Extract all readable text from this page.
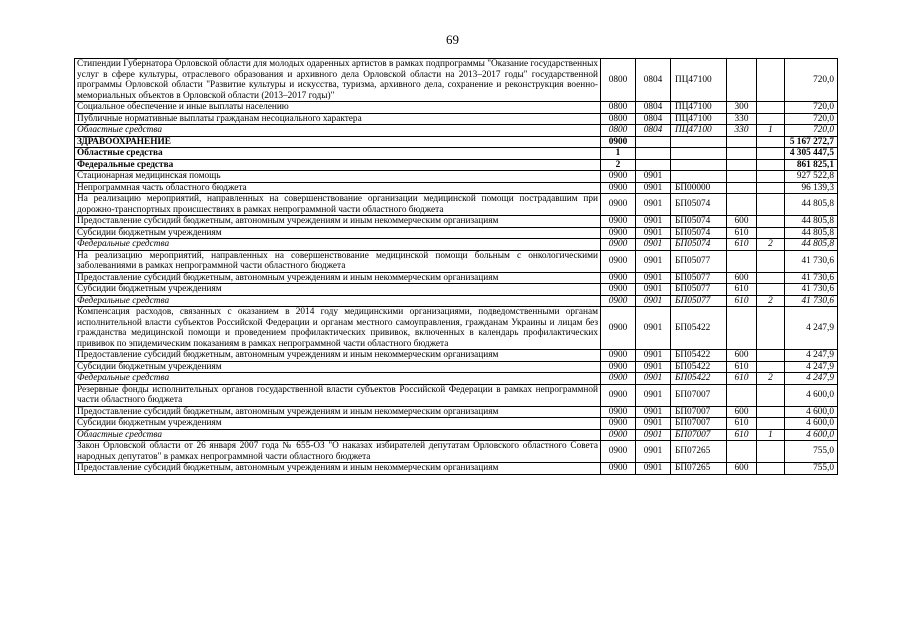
69
Стипендии Губернатора Орловской области для молодых одаренных артистов в рамках подпрограммы "Оказание государственных услуг в сфере культуры, отраслевого образования и архивного дела Орловской области на 2013–2017 годы" государственной программы Орловской области "Развитие культуры и искусства, туризма, архивного дела, сохранение и реконструкция военно-мемориальных объектов в Орловской области (2013–2017 годы)"	0800	0804	ПЦ47100			720,0
Социальное обеспечение и иные выплаты населению	0800	0804	ПЦ47100	300		720,0
Публичные нормативные выплаты гражданам несоциального характера	0800	0804	ПЦ47100	330		720,0
Областные средства	0800	0804	ПЦ47100	330	1	720,0
ЗДРАВООХРАНЕНИЕ	0900					5 167 272,7
Областные средства	1					4 305 447,5
Федеральные средства	2					861 825,1
Стационарная медицинская помощь	0900	0901				927 522,8
Непрограммная часть областного бюджета	0900	0901	БП00000			96 139,3
На реализацию мероприятий, направленных на совершенствование организации медицинской помощи пострадавшим при дорожно-транспортных происшествиях в рамках непрограммной части областного бюджета	0900	0901	БП05074			44 805,8
Предоставление субсидий бюджетным, автономным учреждениям и иным некоммерческим организациям	0900	0901	БП05074	600		44 805,8
Субсидии бюджетным учреждениям	0900	0901	БП05074	610		44 805,8
Федеральные средства	0900	0901	БП05074	610	2	44 805,8
На реализацию мероприятий, направленных на совершенствование медицинской помощи больным с онкологическими заболеваниями в рамках непрограммной части областного бюджета	0900	0901	БП05077			41 730,6
Предоставление субсидий бюджетным, автономным учреждениям и иным некоммерческим организациям	0900	0901	БП05077	600		41 730,6
Субсидии бюджетным учреждениям	0900	0901	БП05077	610		41 730,6
Федеральные средства	0900	0901	БП05077	610	2	41 730,6
Компенсация расходов, связанных с оказанием в 2014 году медицинскими организациями, подведомственными органам исполнительной власти субъектов Российской Федерации и органам местного самоуправления, гражданам Украины и лицам без гражданства медицинской помощи и проведением профилактических прививок, включенных в календарь профилактических прививок по эпидемическим показаниям в рамках непрограммной части областного бюджета	0900	0901	БП05422			4 247,9
Предоставление субсидий бюджетным, автономным учреждениям и иным некоммерческим организациям	0900	0901	БП05422	600		4 247,9
Субсидии бюджетным учреждениям	0900	0901	БП05422	610		4 247,9
Федеральные средства	0900	0901	БП05422	610	2	4 247,9
Резервные фонды исполнительных органов государственной власти субъектов Российской Федерации в рамках непрограммной части областного бюджета	0900	0901	БП07007			4 600,0
Предоставление субсидий бюджетным, автономным учреждениям и иным некоммерческим организациям	0900	0901	БП07007	600		4 600,0
Субсидии бюджетным учреждениям	0900	0901	БП07007	610		4 600,0
Областные средства	0900	0901	БП07007	610	1	4 600,0
Закон Орловской области от 26 января 2007 года № 655-ОЗ "О наказах избирателей депутатам Орловского областного Совета народных депутатов" в рамках непрограммной части областного бюджета	0900	0901	БП07265			755,0
Предоставление субсидий бюджетным, автономным учреждениям и иным некоммерческим организациям	0900	0901	БП07265	600		755,0
